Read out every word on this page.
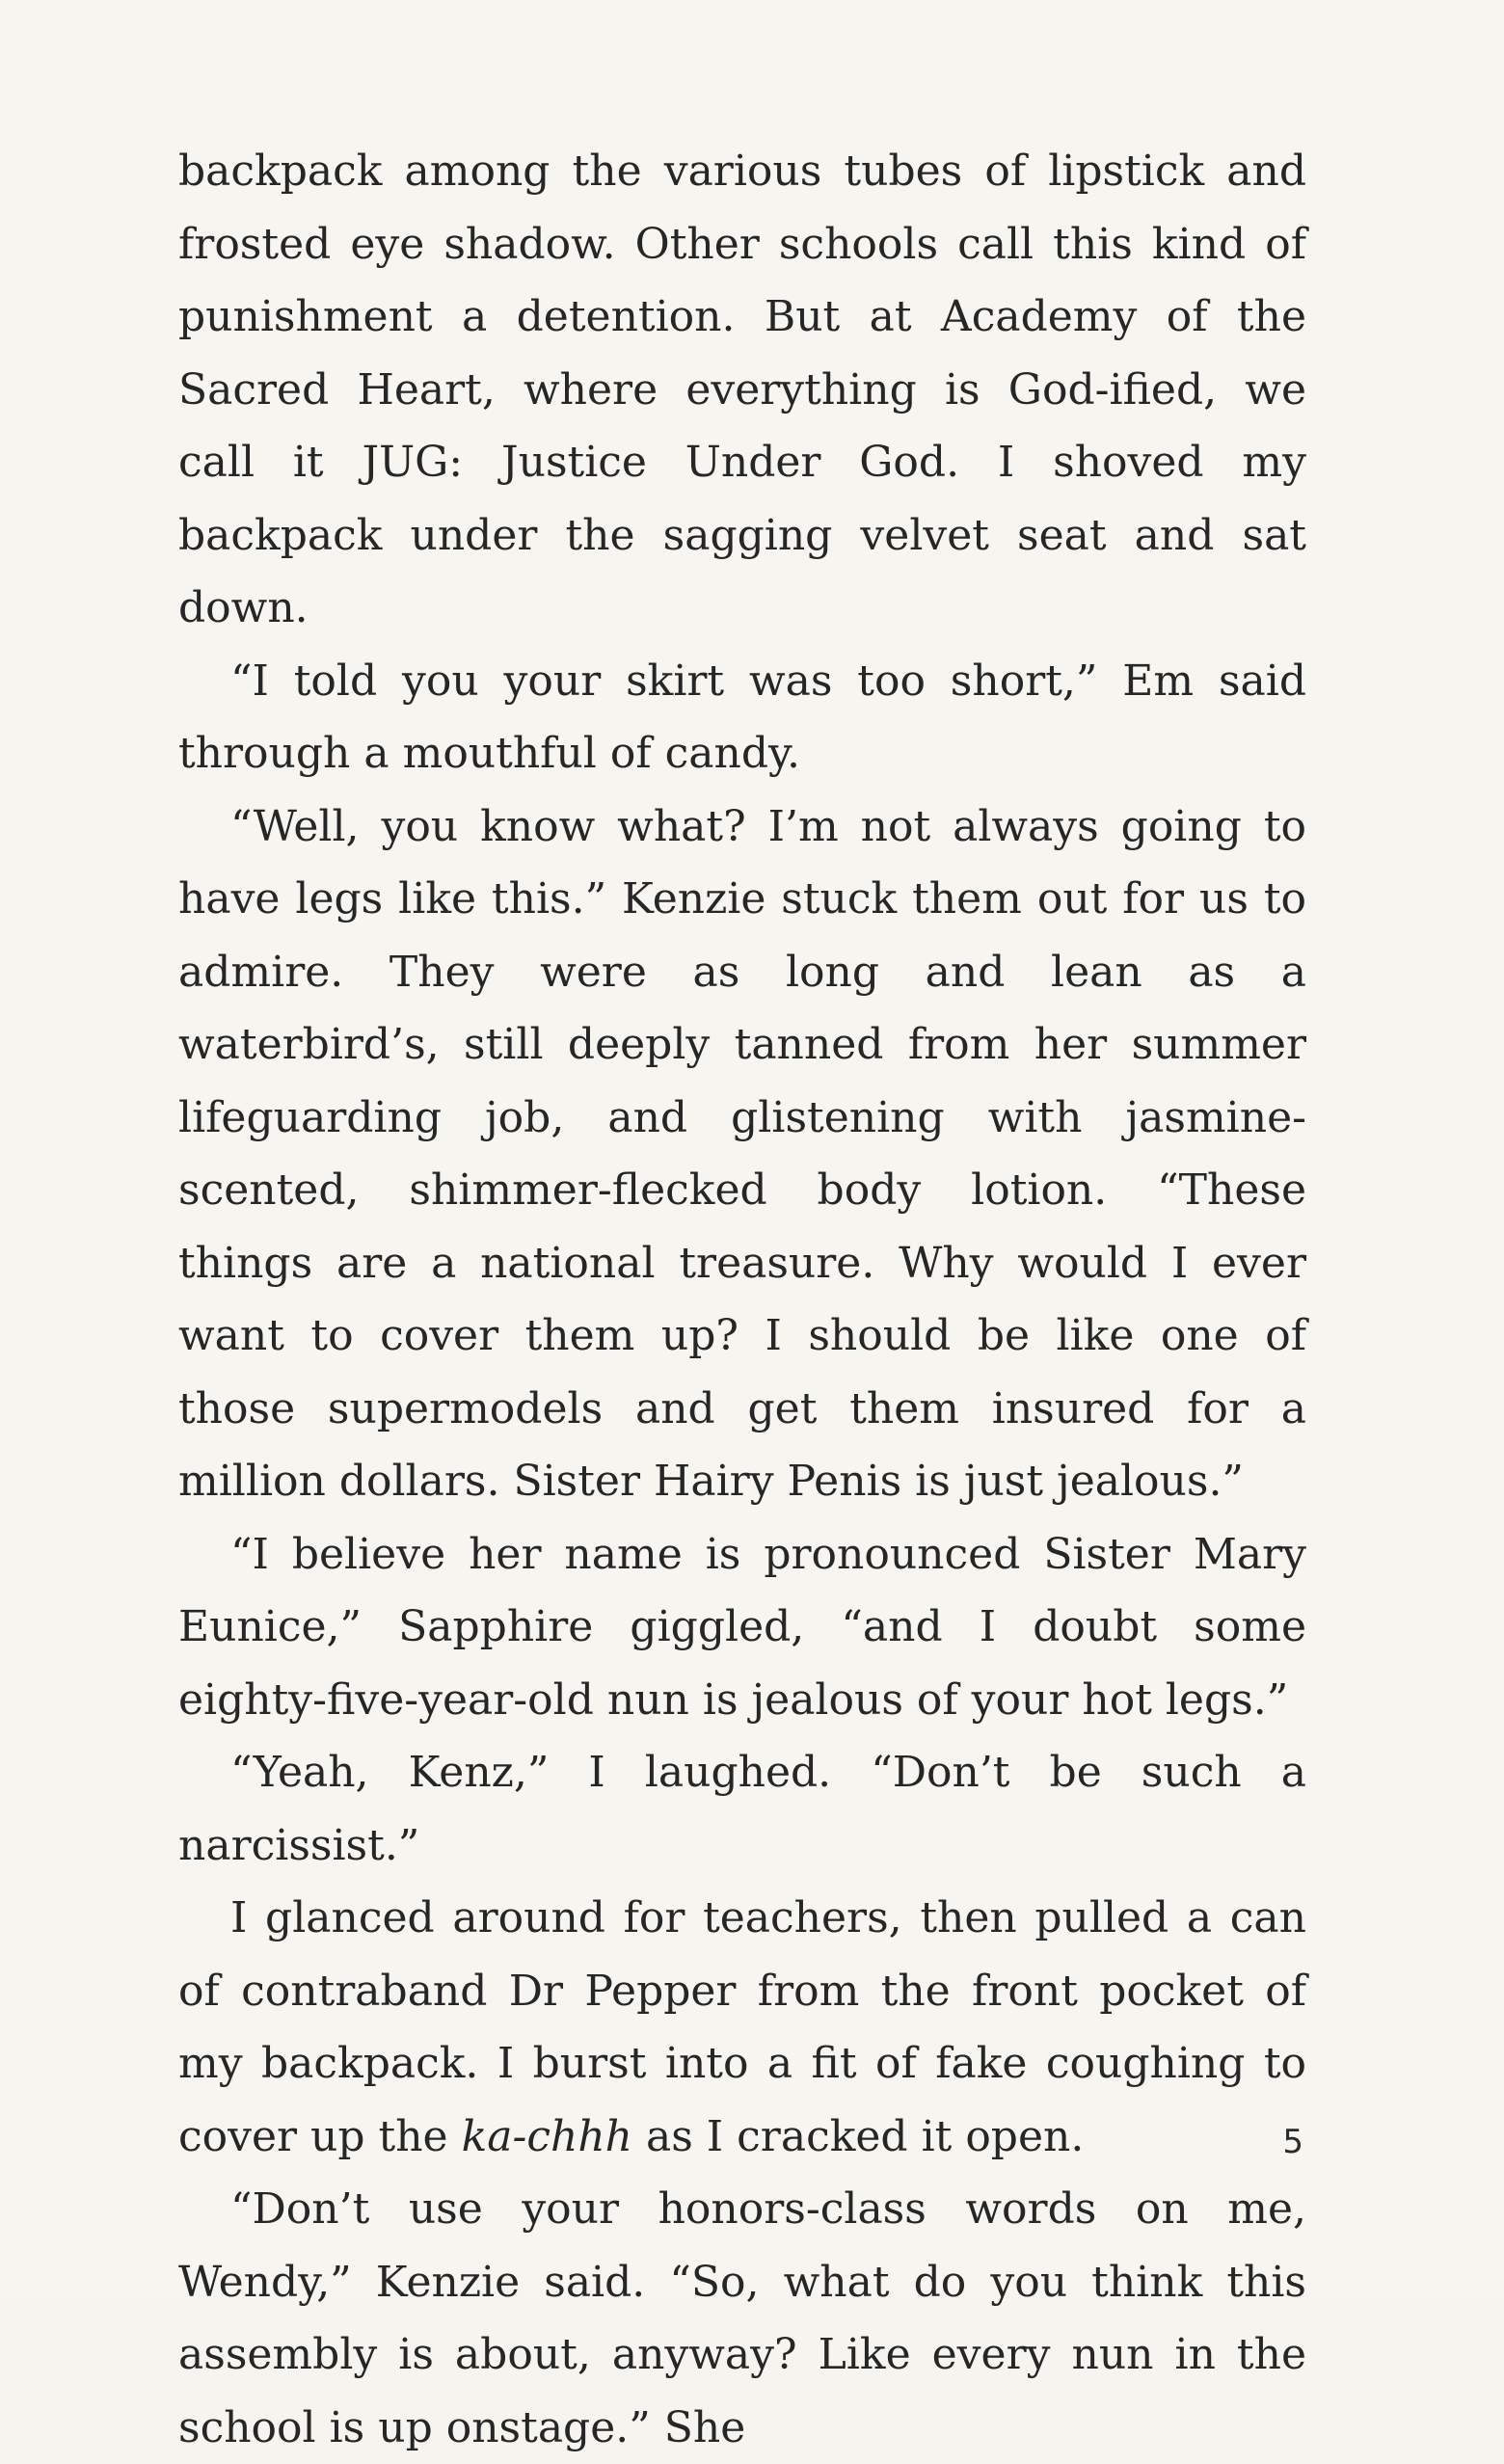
backpack among the various tubes of lipstick and frosted eye shadow. Other schools call this kind of punishment a detention. But at Academy of the Sacred Heart, where everything is God-ified, we call it JUG: Justice Under God. I shoved my backpack under the sagging velvet seat and sat down.

“I told you your skirt was too short,” Em said through a mouthful of candy.

“Well, you know what? I’m not always going to have legs like this.” Kenzie stuck them out for us to admire. They were as long and lean as a waterbird’s, still deeply tanned from her summer lifeguarding job, and glistening with jasmine-scented, shimmer-flecked body lotion. “These things are a national treasure. Why would I ever want to cover them up? I should be like one of those supermodels and get them insured for a million dollars. Sister Hairy Penis is just jealous.”

“I believe her name is pronounced Sister Mary Eunice,” Sapphire giggled, “and I doubt some eighty-five-year-old nun is jealous of your hot legs.”

“Yeah, Kenz,” I laughed. “Don’t be such a narcissist.”

I glanced around for teachers, then pulled a can of contraband Dr Pepper from the front pocket of my backpack. I burst into a fit of fake coughing to cover up the ka-chhh as I cracked it open.

“Don’t use your honors-class words on me, Wendy,” Kenzie said. “So, what do you think this assembly is about, anyway? Like every nun in the school is up onstage.” She

5
